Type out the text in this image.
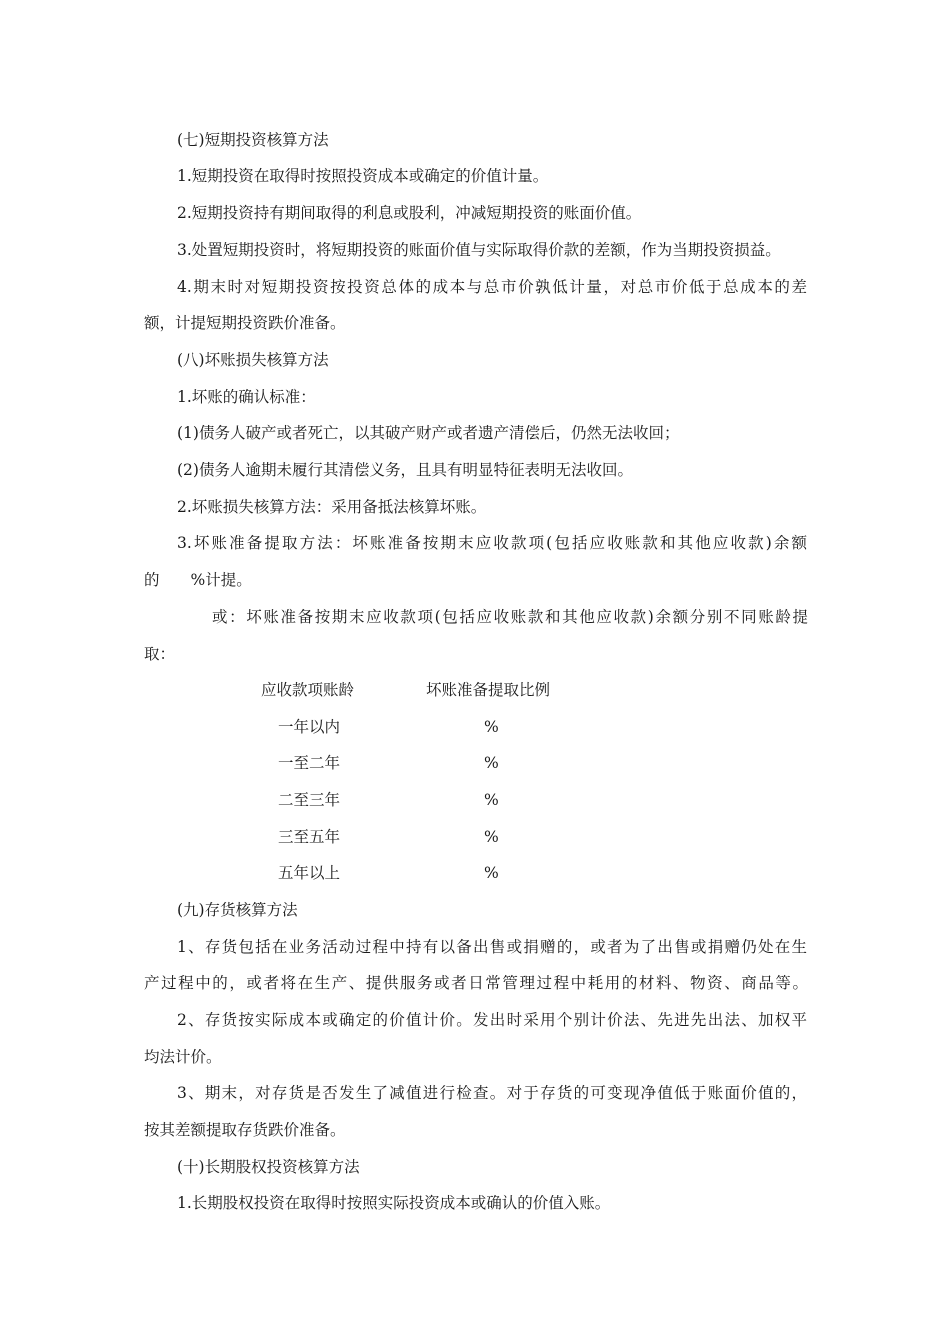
(七)短期投资核算方法
1.短期投资在取得时按照投资成本或确定的价值计量。
2.短期投资持有期间取得的利息或股利，冲减短期投资的账面价值。
3.处置短期投资时，将短期投资的账面价值与实际取得价款的差额，作为当期投资损益。
4.期末时对短期投资按投资总体的成本与总市价孰低计量，对总市价低于总成本的差
额，计提短期投资跌价准备。
(八)坏账损失核算方法
1.坏账的确认标准：
(1)债务人破产或者死亡，以其破产财产或者遗产清偿后，仍然无法收回；
(2)债务人逾期未履行其清偿义务，且具有明显特征表明无法收回。
2.坏账损失核算方法：采用备抵法核算坏账。
3.坏账准备提取方法：坏账准备按期末应收款项(包括应收账款和其他应收款)余额
的　　%计提。
或：坏账准备按期末应收款项(包括应收账款和其他应收款)余额分别不同账龄提
取：
应收款项账龄	坏账准备提取比例
一年以内	%
一至二年	%
二至三年	%
三至五年	%
五年以上	%
(九)存货核算方法
1、存货包括在业务活动过程中持有以备出售或捐赠的，或者为了出售或捐赠仍处在生
产过程中的，或者将在生产、提供服务或者日常管理过程中耗用的材料、物资、商品等。
2、存货按实际成本或确定的价值计价。发出时采用个别计价法、先进先出法、加权平
均法计价。
3、期末，对存货是否发生了减值进行检查。对于存货的可变现净值低于账面价值的，
按其差额提取存货跌价准备。
(十)长期股权投资核算方法
1.长期股权投资在取得时按照实际投资成本或确认的价值入账。
